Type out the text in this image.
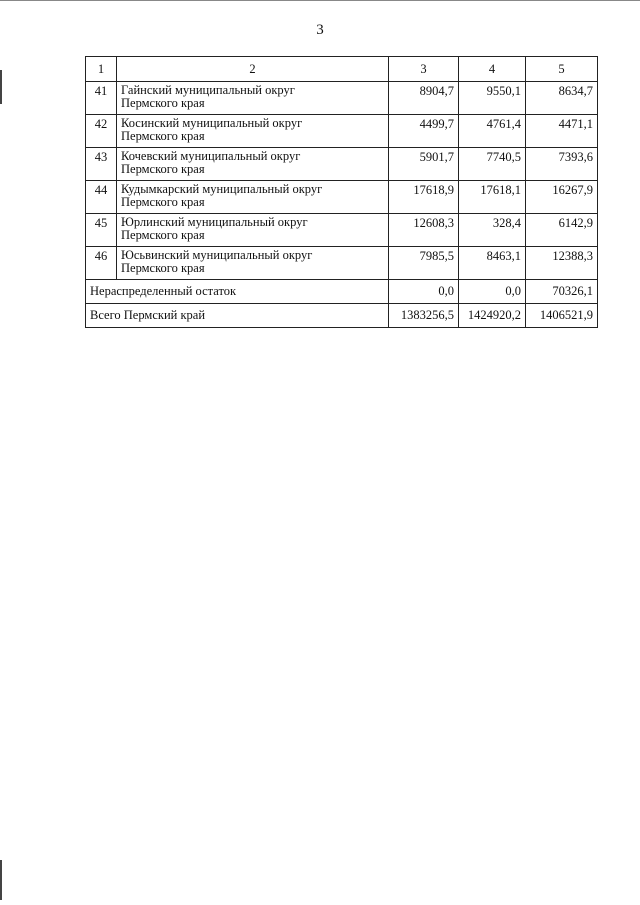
3
1	2	3	4	5
41	Гайнский муниципальный округ
Пермского края	8904,7	9550,1	8634,7
42	Косинский муниципальный округ
Пермского края	4499,7	4761,4	4471,1
43	Кочевский муниципальный округ
Пермского края	5901,7	7740,5	7393,6
44	Кудымкарский муниципальный округ
Пермского края	17618,9	17618,1	16267,9
45	Юрлинский муниципальный округ
Пермского края	12608,3	328,4	6142,9
46	Юсьвинский муниципальный округ
Пермского края	7985,5	8463,1	12388,3
Нераспределенный остаток		0,0	0,0	70326,1
Всего Пермский край		1383256,5	1424920,2	1406521,9
